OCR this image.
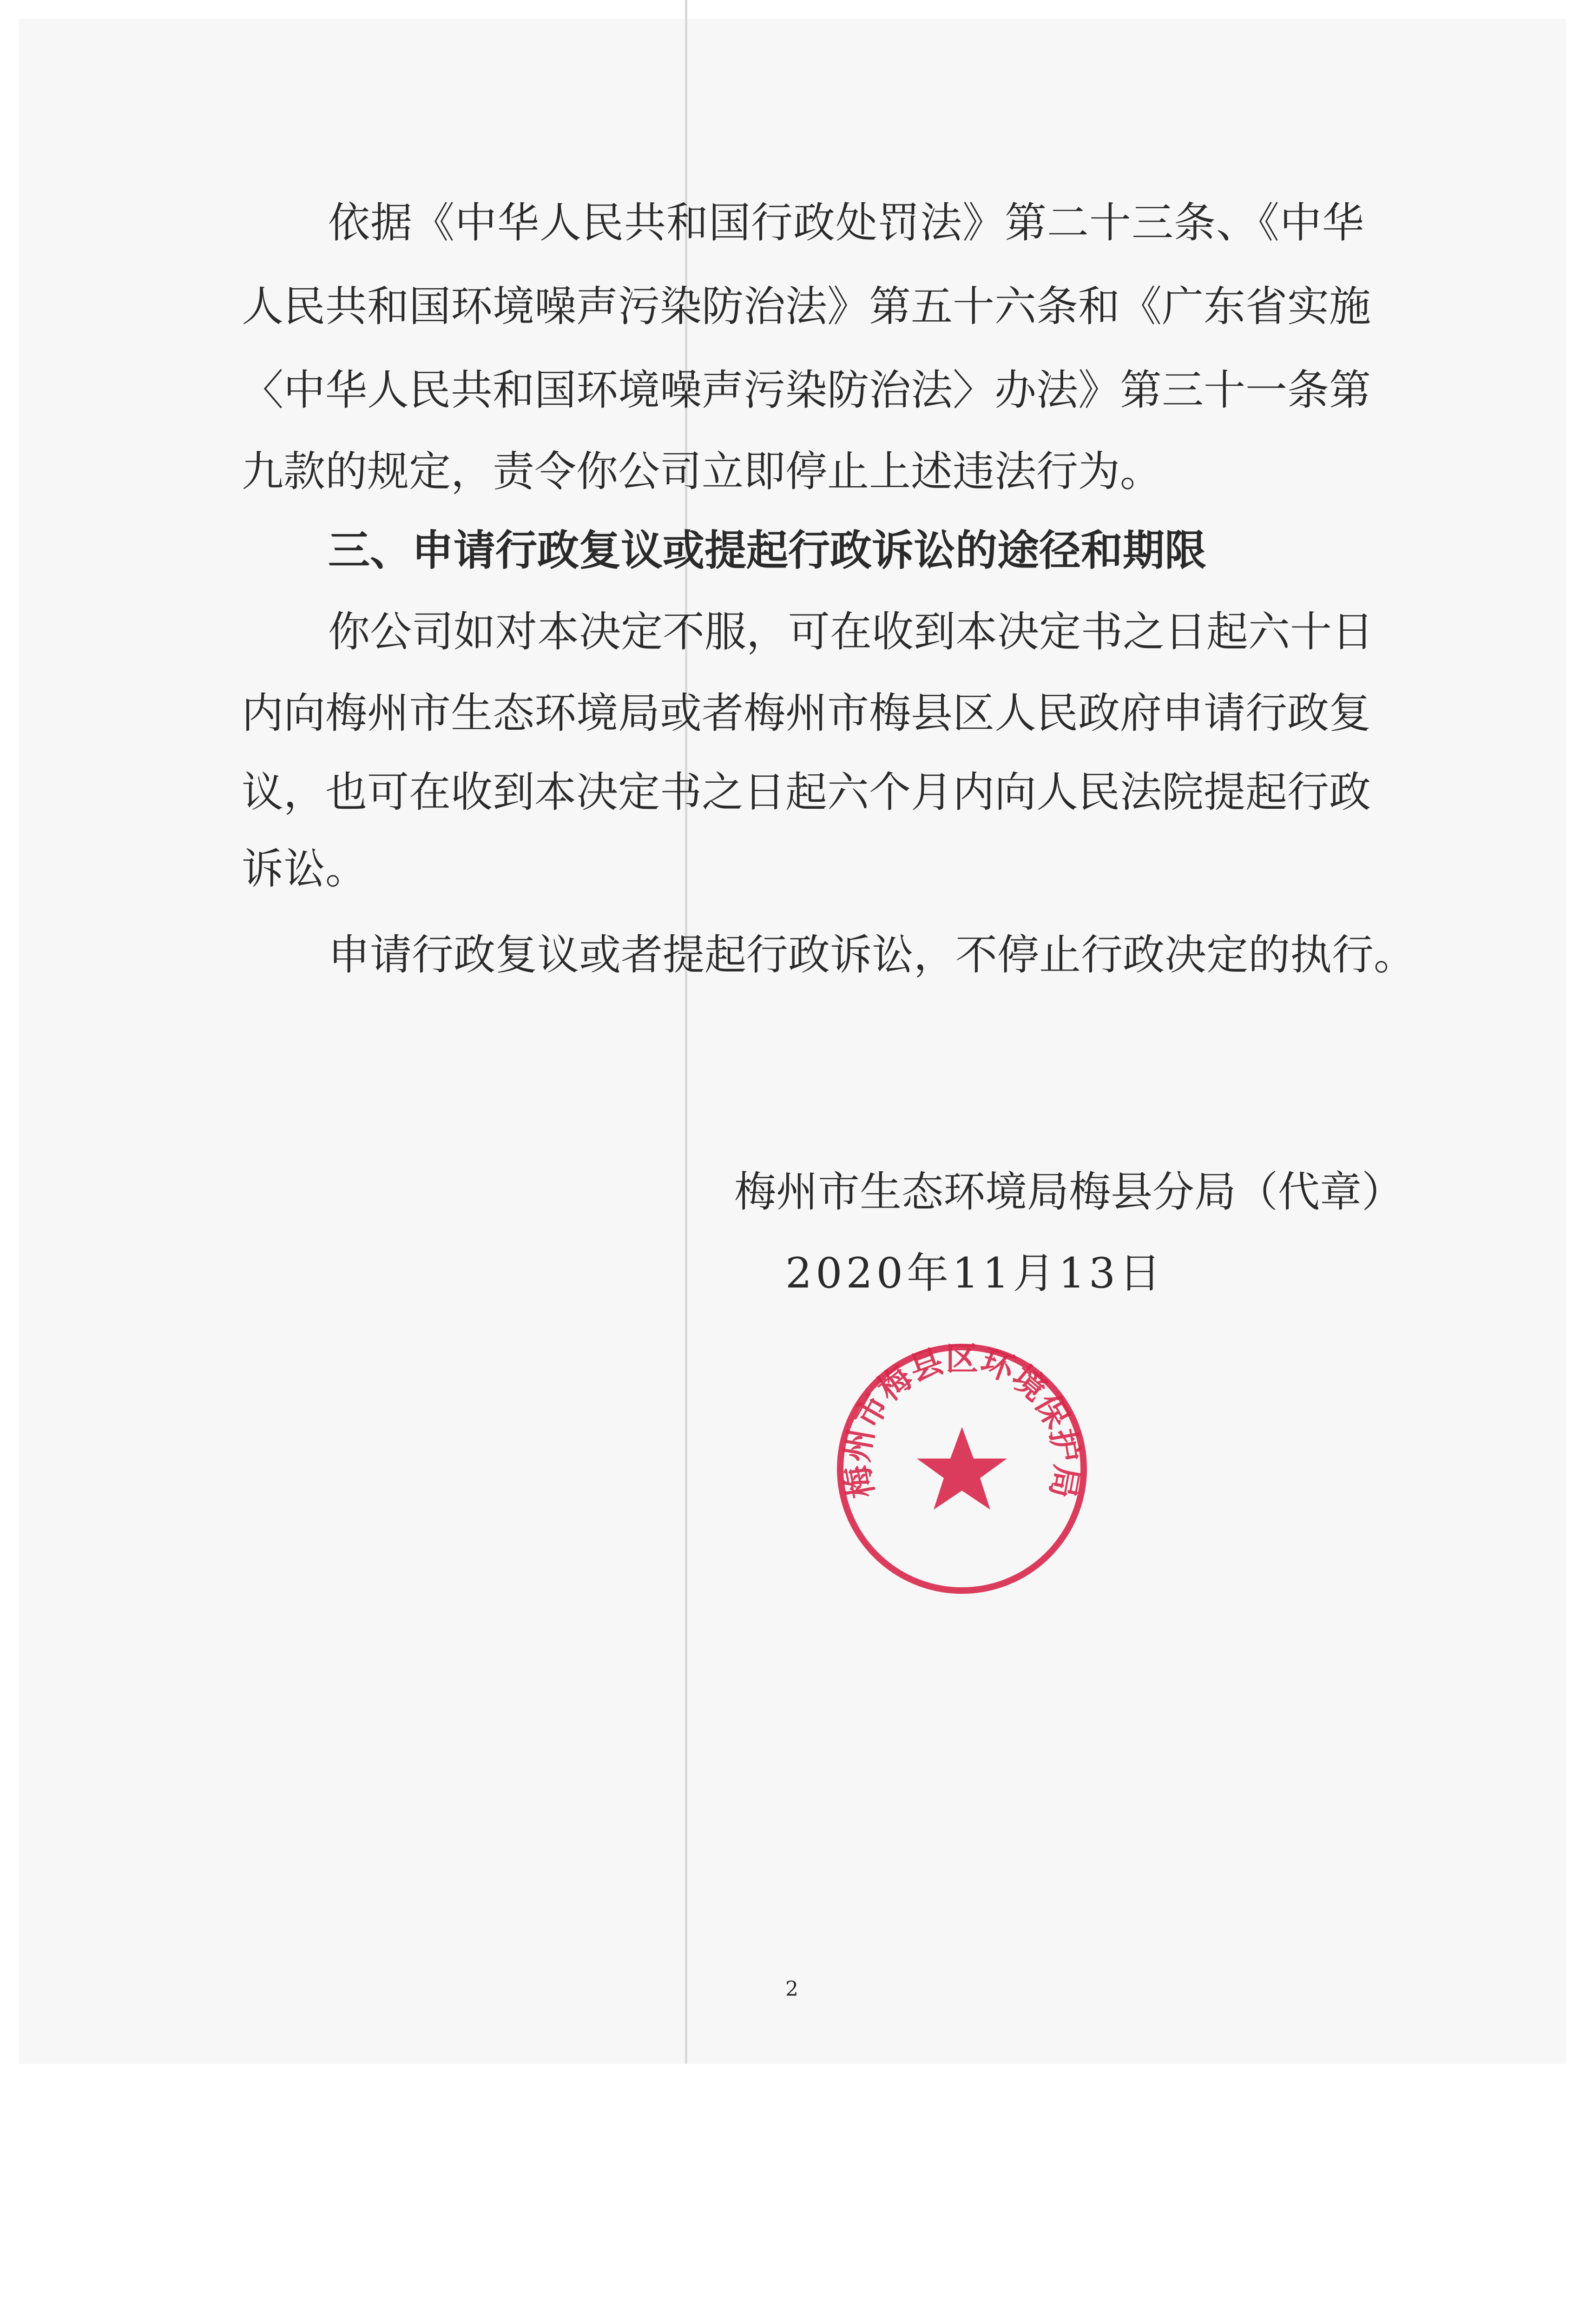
依据《中华人民共和国行政处罚法》第二十三条、《中华
人民共和国环境噪声污染防治法》第五十六条和《广东省实施
〈中华人民共和国环境噪声污染防治法〉办法》第三十一条第
九款的规定，责令你公司立即停止上述违法行为。
三、申请行政复议或提起行政诉讼的途径和期限
你公司如对本决定不服，可在收到本决定书之日起六十日
内向梅州市生态环境局或者梅州市梅县区人民政府申请行政复
议，也可在收到本决定书之日起六个月内向人民法院提起行政
诉讼。
申请行政复议或者提起行政诉讼，不停止行政决定的执行。
梅州市生态环境局梅县分局（代章）
2020年11月13日
梅州市梅县区环境保护局
2
